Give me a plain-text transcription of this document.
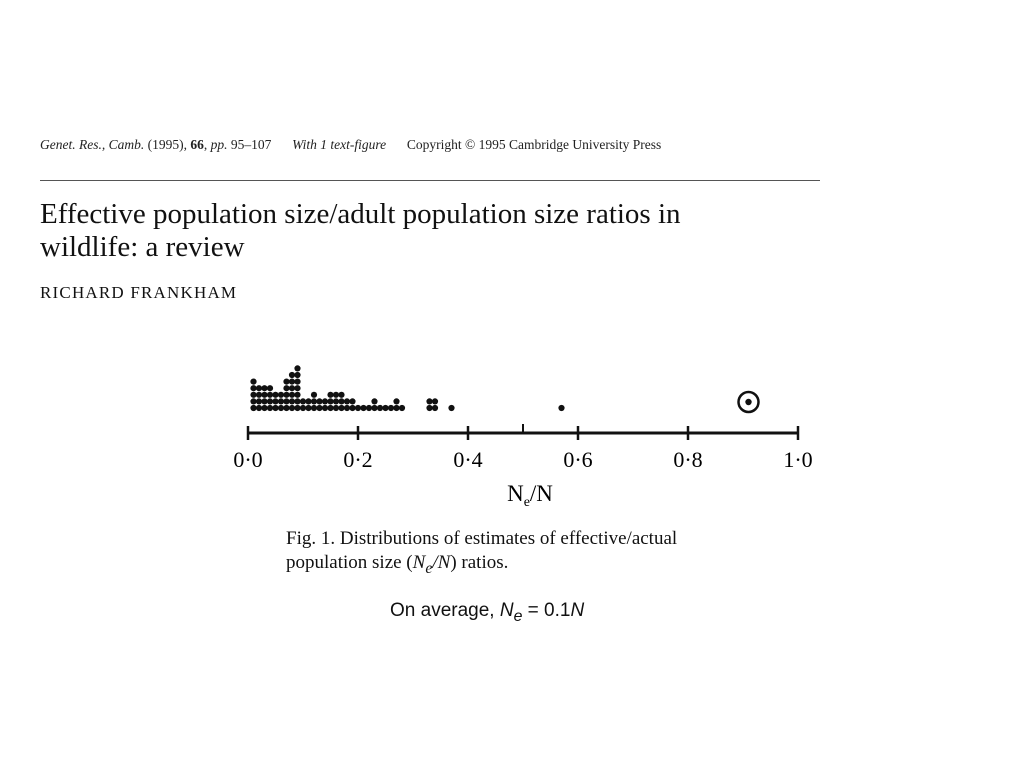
Genet. Res., Camb. (1995), 66, pp. 95–107 With 1 text-figure Copyright © 1995 Cambridge University Press
Effective population size/adult population size ratios in
wildlife: a review
RICHARD FRANKHAM
0·0	0·2	0·4	0·6	0·8	1·0
$N_e/N$
Fig. 1. Distributions of estimates of effective/actual
population size $(N_e/N)$ ratios.
On average, $N_e = 0.1N$
